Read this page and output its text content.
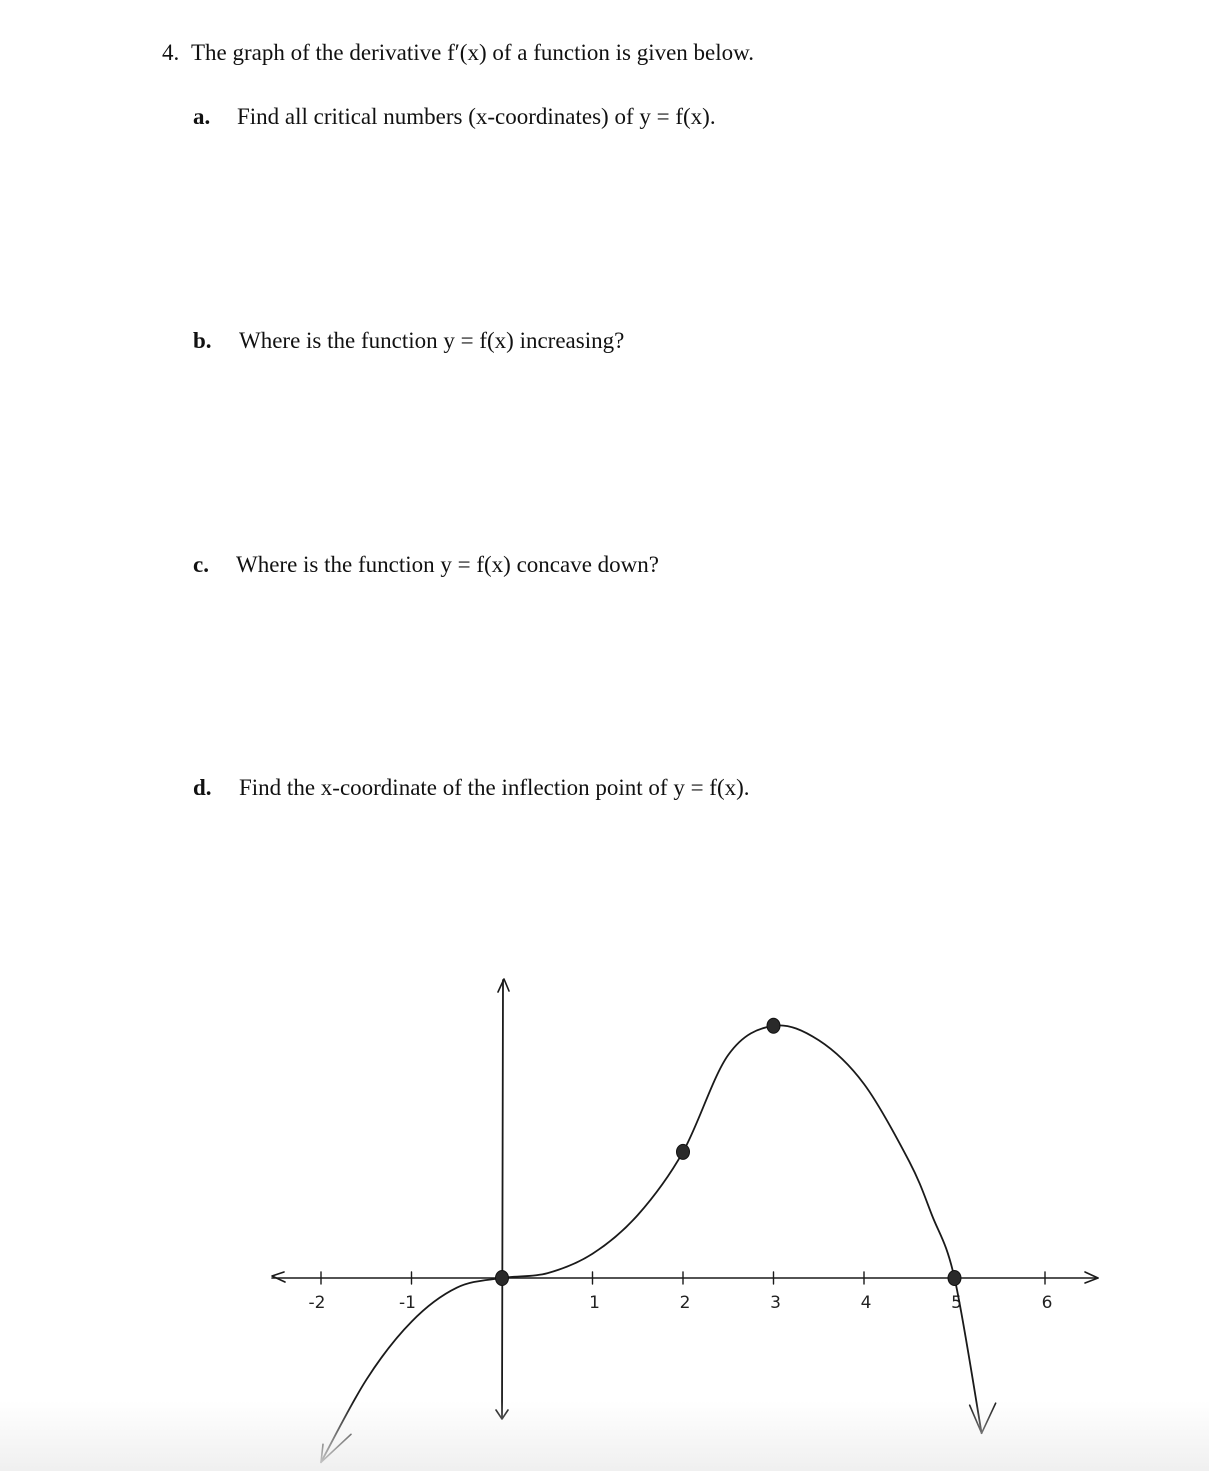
4. The graph of the derivative f′(x) of a function is given below.
a. Find all critical numbers (x-coordinates) of y = f(x).
b. Where is the function y = f(x) increasing?
c. Where is the function y = f(x) concave down?
d. Find the x-coordinate of the inflection point of y = f(x).
-2	-1	1	2	3	4	5	6
